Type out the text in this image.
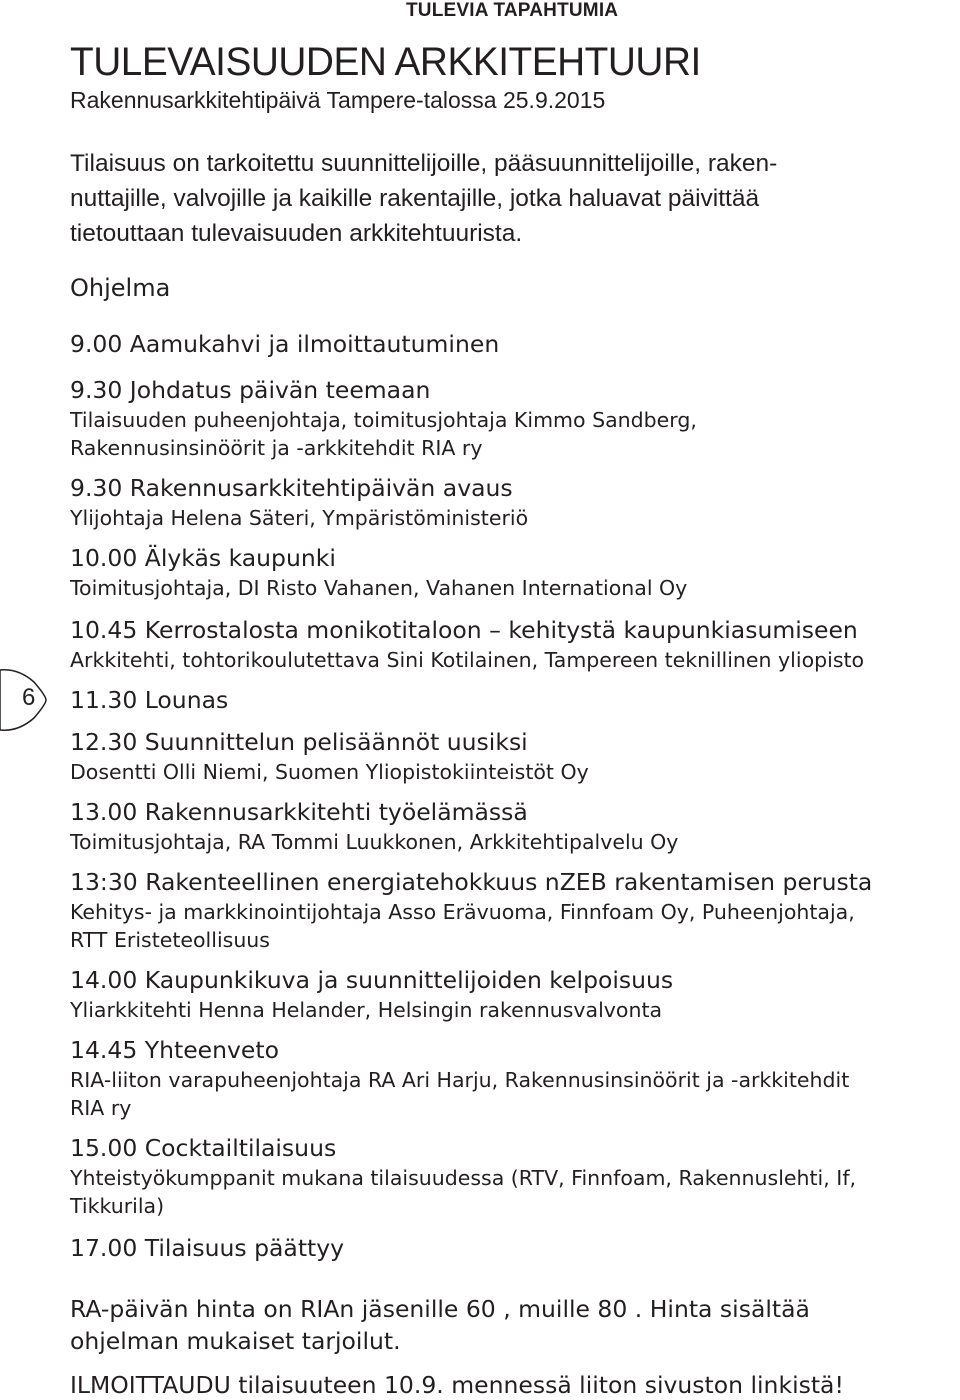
TULEVIA TAPAHTUMIA
TULEVAISUUDEN ARKKITEHTUURI
Rakennusarkkitehtipäivä Tampere-talossa 25.9.2015
Tilaisuus on tarkoitettu suunnittelijoille, pääsuunnittelijoille, raken-
nuttajille, valvojille ja kaikille rakentajille, jotka haluavat päivittää
tietouttaan tulevaisuuden arkkitehtuurista.
Ohjelma
9.00 Aamukahvi ja ilmoittautuminen
9.30 Johdatus päivän teemaan
Tilaisuuden puheenjohtaja, toimitusjohtaja Kimmo Sandberg,
Rakennusinsinöörit ja -arkkitehdit RIA ry
9.30 Rakennusarkkitehtipäivän avaus
Ylijohtaja Helena Säteri, Ympäristöministeriö
10.00 Älykäs kaupunki
Toimitusjohtaja, DI Risto Vahanen, Vahanen International Oy
10.45 Kerrostalosta monikotitaloon – kehitystä kaupunkiasumiseen
Arkkitehti, tohtorikoulutettava Sini Kotilainen, Tampereen teknillinen yliopisto
11.30 Lounas
12.30 Suunnittelun pelisäännöt uusiksi
Dosentti Olli Niemi, Suomen Yliopistokiinteistöt Oy
13.00 Rakennusarkkitehti työelämässä
Toimitusjohtaja, RA Tommi Luukkonen, Arkkitehtipalvelu Oy
13:30 Rakenteellinen energiatehokkuus nZEB rakentamisen perusta
Kehitys- ja markkinointijohtaja Asso Erävuoma, Finnfoam Oy, Puheenjohtaja,
RTT Eristeteollisuus
14.00 Kaupunkikuva ja suunnittelijoiden kelpoisuus
Yliarkkitehti Henna Helander, Helsingin rakennusvalvonta
14.45 Yhteenveto
RIA-liiton varapuheenjohtaja RA Ari Harju, Rakennusinsinöörit ja -arkkitehdit
RIA ry
15.00 Cocktailtilaisuus
Yhteistyökumppanit mukana tilaisuudessa (RTV, Finnfoam, Rakennuslehti, If,
Tikkurila)
17.00 Tilaisuus päättyy
RA-päivän hinta on RIAn jäsenille 60 , muille 80 . Hinta sisältää
ohjelman mukaiset tarjoilut.
ILMOITTAUDU tilaisuuteen 10.9. mennessä liiton sivuston linkistä!
6
